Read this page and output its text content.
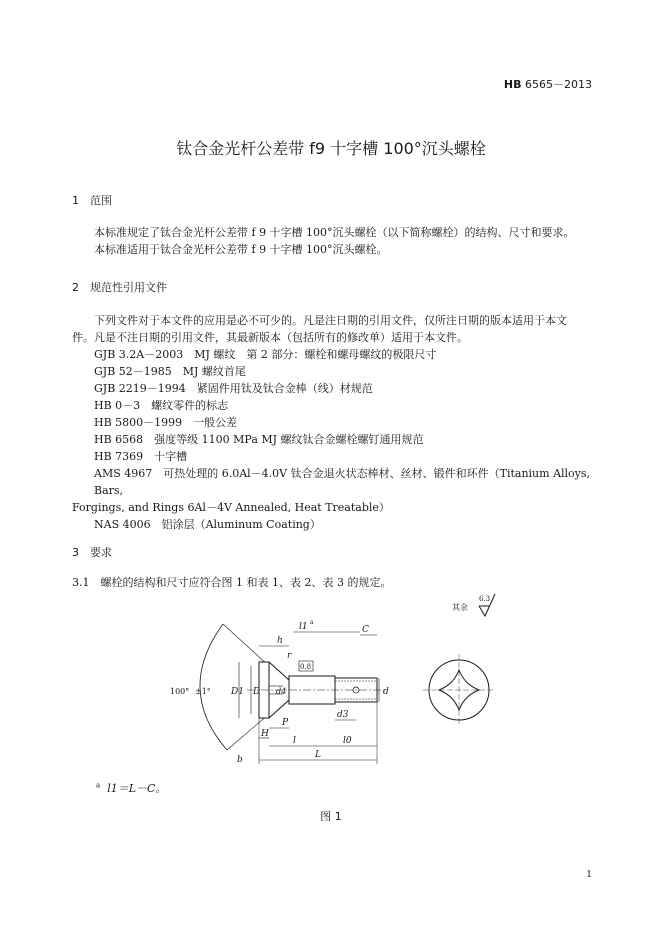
HB 6565－2013
钛合金光杆公差带 f9 十字槽 100°沉头螺栓
1 范围

本标准规定了钛合金光杆公差带 f 9 十字槽 100°沉头螺栓（以下简称螺栓）的结构、尺寸和要求。

本标准适用于钛合金光杆公差带 f 9 十字槽 100°沉头螺栓。

2 规范性引用文件

下列文件对于本文件的应用是必不可少的。凡是注日期的引用文件，仅所注日期的版本适用于本文

件。凡是不注日期的引用文件，其最新版本（包括所有的修改单）适用于本文件。

GJB 3.2A－2003　MJ 螺纹　第 2 部分：螺栓和螺母螺纹的极限尺寸

GJB 52－1985　MJ 螺纹首尾

GJB 2219－1994　紧固件用钛及钛合金棒（线）材规范

HB 0－3　螺纹零件的标志

HB 5800－1999　一般公差

HB 6568　强度等级 1100 MPa MJ 螺纹钛合金螺栓螺钉通用规范

HB 7369　十字槽

AMS 4967　可热处理的 6.0Al－4.0V 钛合金退火状态棒材、丝材、锻件和环件（Titanium Alloys, Bars,

Forgings, and Rings 6Al－4V Annealed, Heat Treatable）

NAS 4006　铝涂层（Aluminum Coating）

3 要求

3.1　螺栓的结构和尺寸应符合图 1 和表 1、表 2、表 3 的规定。

其余
6.3
100° ±1°
l1 a
C
h
r
0.8
D1 D d4	d
d3
P
H
l	l0
L
b
$^a$ l1＝L－C。
图 1
1
